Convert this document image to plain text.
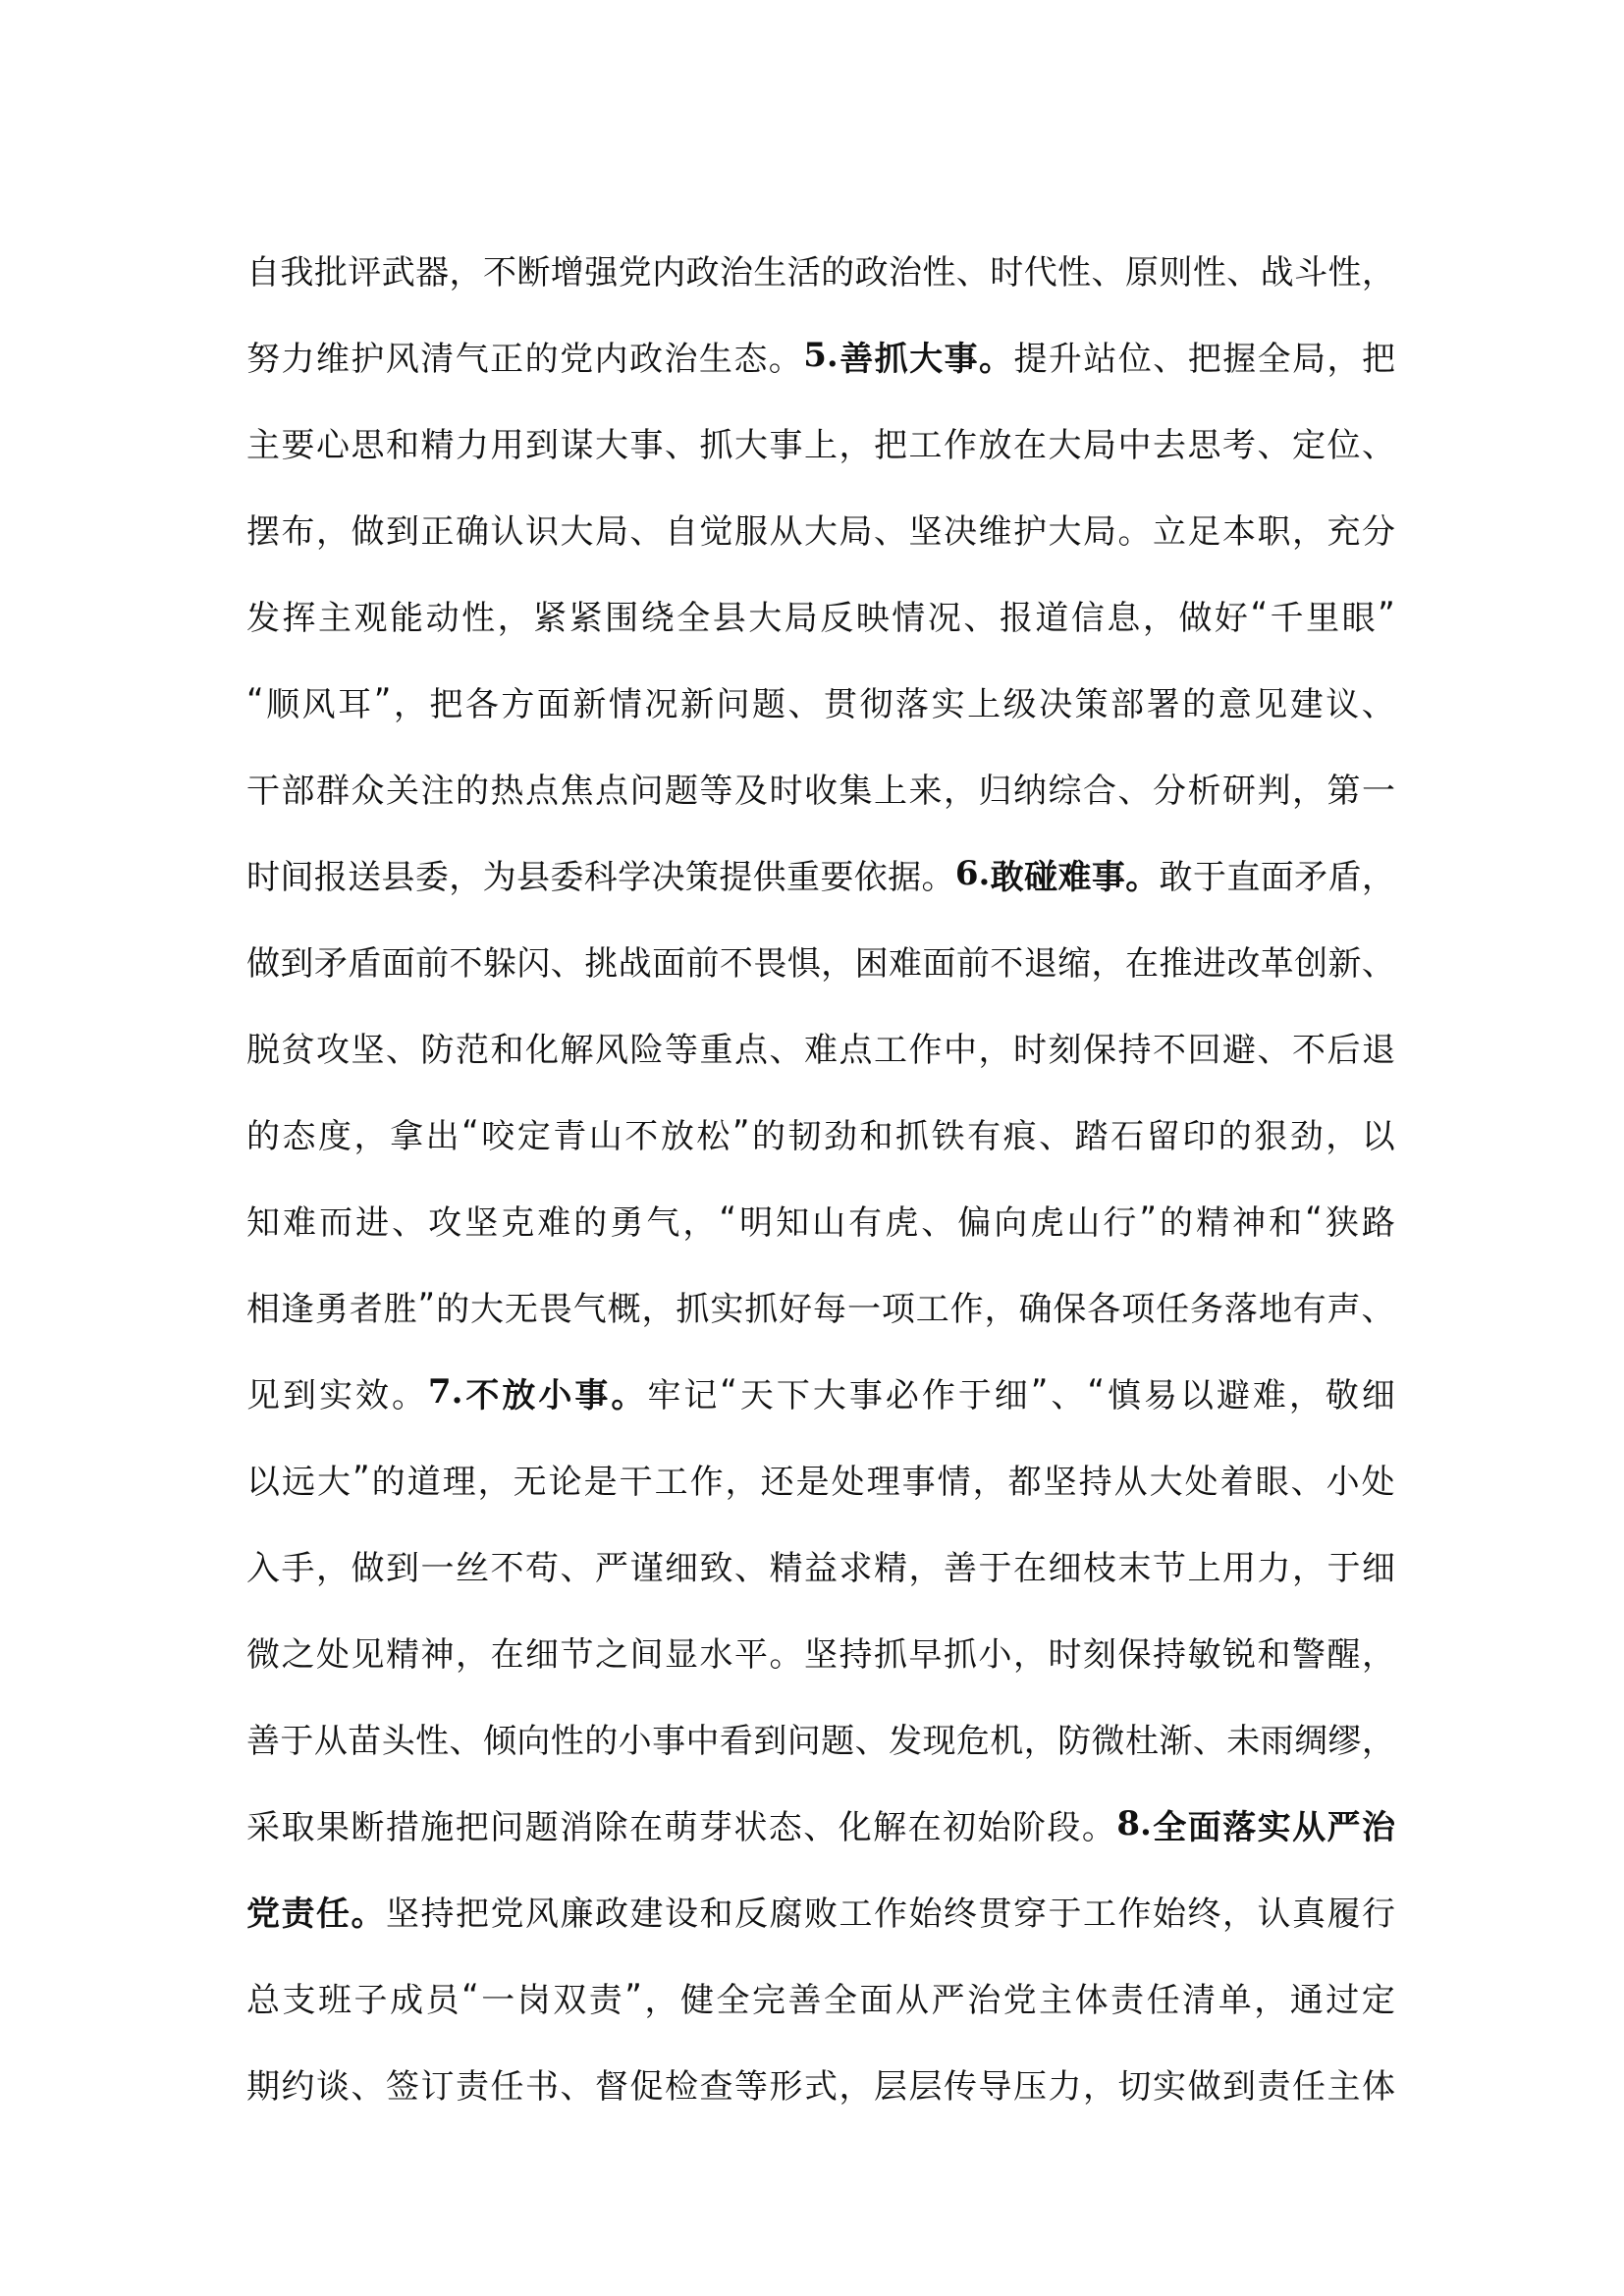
自 我 批 评 武 器 ， 不 断 增 强 党 内 政 治 生 活 的 政 治 性 、 时 代 性 、 原 则 性 、 战 斗 性 ，
努 力 维 护 风 清 气 正 的 党 内 政 治 生 态 。 5. 善 抓 大 事 。 提 升 站 位 、 把 握 全 局 ， 把
主 要 心 思 和 精 力 用 到 谋 大 事 、 抓 大 事 上 ， 把 工 作 放 在 大 局 中 去 思 考 、 定 位 、
摆 布 ， 做 到 正 确 认 识 大 局 、 自 觉 服 从 大 局 、 坚 决 维 护 大 局 。 立 足 本 职 ， 充 分
发 挥 主 观 能 动 性 ， 紧 紧 围 绕 全 县 大 局 反 映 情 况 、 报 道 信 息 ， 做 好 “ 千 里 眼 ”
“ 顺 风 耳 ” ， 把 各 方 面 新 情 况 新 问 题 、 贯 彻 落 实 上 级 决 策 部 署 的 意 见 建 议 、
干 部 群 众 关 注 的 热 点 焦 点 问 题 等 及 时 收 集 上 来 ， 归 纳 综 合 、 分 析 研 判 ， 第 一
时 间 报 送 县 委 ， 为 县 委 科 学 决 策 提 供 重 要 依 据 。 6. 敢 碰 难 事 。 敢 于 直 面 矛 盾 ，
做 到 矛 盾 面 前 不 躲 闪 、 挑 战 面 前 不 畏 惧 ， 困 难 面 前 不 退 缩 ， 在 推 进 改 革 创 新 、
脱 贫 攻 坚 、 防 范 和 化 解 风 险 等 重 点 、 难 点 工 作 中 ， 时 刻 保 持 不 回 避 、 不 后 退
的 态 度 ， 拿 出 “ 咬 定 青 山 不 放 松 ” 的 韧 劲 和 抓 铁 有 痕 、 踏 石 留 印 的 狠 劲 ， 以
知 难 而 进 、 攻 坚 克 难 的 勇 气 ， “ 明 知 山 有 虎 、 偏 向 虎 山 行 ” 的 精 神 和 “ 狭 路
相 逢 勇 者 胜 ” 的 大 无 畏 气 概 ， 抓 实 抓 好 每 一 项 工 作 ， 确 保 各 项 任 务 落 地 有 声 、
见 到 实 效 。 7. 不 放 小 事 。 牢 记 “ 天 下 大 事 必 作 于 细 ” 、 “ 慎 易 以 避 难 ， 敬 细
以 远 大 ” 的 道 理 ， 无 论 是 干 工 作 ， 还 是 处 理 事 情 ， 都 坚 持 从 大 处 着 眼 、 小 处
入 手 ， 做 到 一 丝 不 苟 、 严 谨 细 致 、 精 益 求 精 ， 善 于 在 细 枝 末 节 上 用 力 ， 于 细
微 之 处 见 精 神 ， 在 细 节 之 间 显 水 平 。 坚 持 抓 早 抓 小 ， 时 刻 保 持 敏 锐 和 警 醒 ，
善 于 从 苗 头 性 、 倾 向 性 的 小 事 中 看 到 问 题 、 发 现 危 机 ， 防 微 杜 渐 、 未 雨 绸 缪 ，
采 取 果 断 措 施 把 问 题 消 除 在 萌 芽 状 态 、 化 解 在 初 始 阶 段 。 8. 全 面 落 实 从 严 治
党 责 任 。 坚 持 把 党 风 廉 政 建 设 和 反 腐 败 工 作 始 终 贯 穿 于 工 作 始 终 ， 认 真 履 行
总 支 班 子 成 员 “ 一 岗 双 责 ” ， 健 全 完 善 全 面 从 严 治 党 主 体 责 任 清 单 ， 通 过 定
期 约 谈 、 签 订 责 任 书 、 督 促 检 查 等 形 式 ， 层 层 传 导 压 力 ， 切 实 做 到 责 任 主 体
